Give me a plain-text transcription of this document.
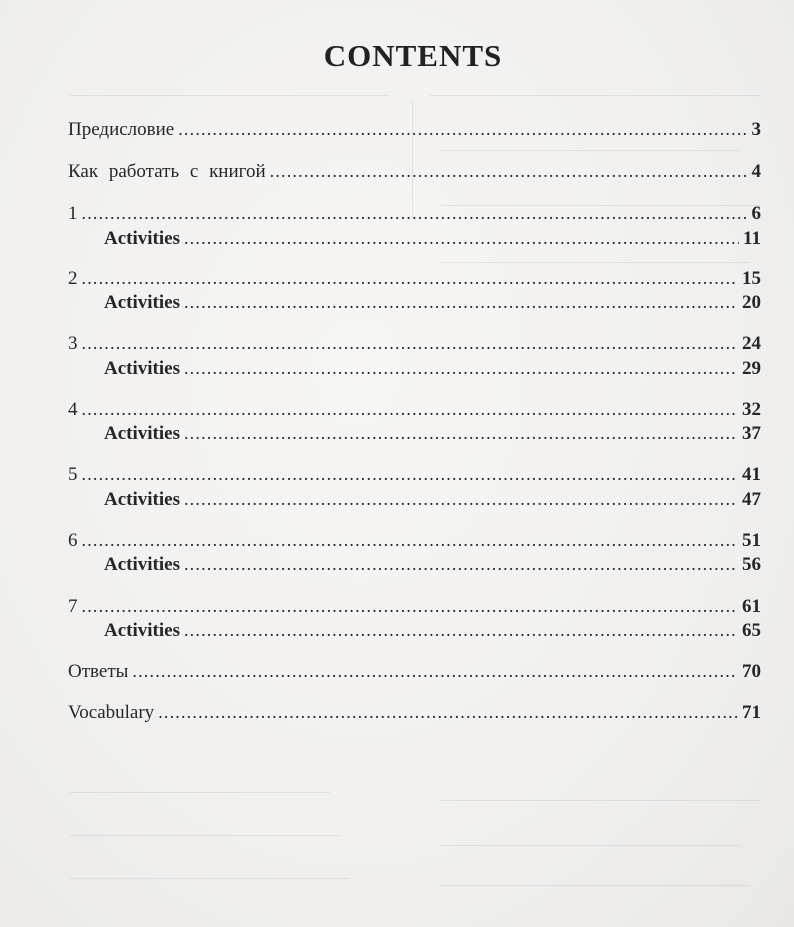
CONTENTS
Предисловие .....	3
Как работать с книгой .....	4
1 .....	6
Activities .....	11
2 .....	15
Activities .....	20
3 .....	24
Activities .....	29
4 .....	32
Activities .....	37
5 .....	41
Activities .....	47
6 .....	51
Activities .....	56
7 .....	61
Activities .....	65
Ответы .....	70
Vocabulary .....	71
